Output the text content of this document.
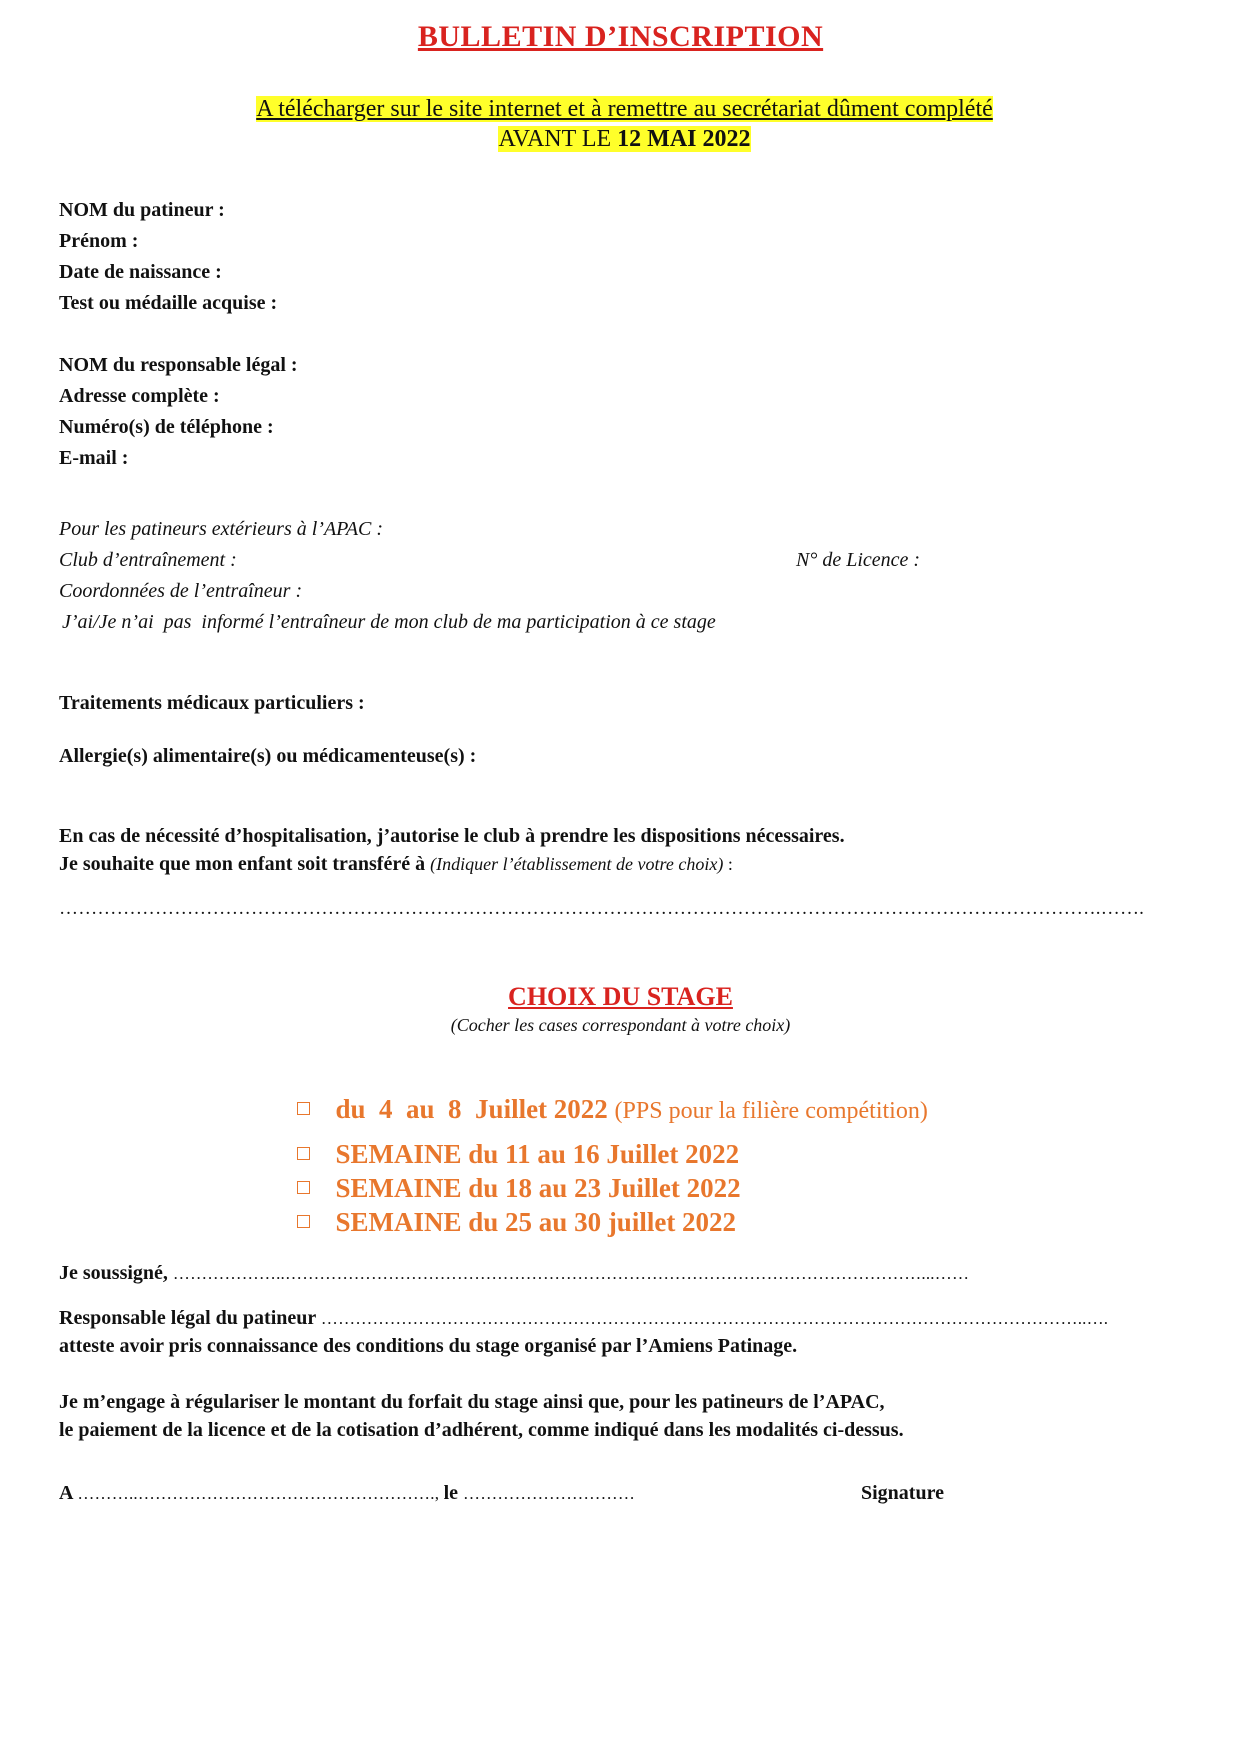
BULLETIN D’INSCRIPTION

A télécharger sur le site internet et à remettre au secrétariat dûment complété

AVANT LE 12 MAI 2022

NOM du patineur :
Prénom :
Date de naissance :
Test ou médaille acquise :
NOM du responsable légal :
Adresse complète :
Numéro(s) de téléphone :
E-mail :
Pour les patineurs extérieurs à l’APAC :
Club d’entraînement :	N° de Licence :
Coordonnées de l’entraîneur :
J’ai/Je n’ai  pas  informé l’entraîneur de mon club de ma participation à ce stage
Traitements médicaux particuliers :
Allergie(s) alimentaire(s) ou médicamenteuse(s) :
En cas de nécessité d’hospitalisation, j’autorise le club à prendre les dispositions nécessaires.
Je souhaite que mon enfant soit transféré à (Indiquer l’établissement de votre choix) :
……………………………………………………………………………………………………………………………………………….…….
CHOIX DU STAGE
(Cocher les cases correspondant à votre choix)

du  4  au  8  Juillet 2022 (PPS pour la filière compétition)

SEMAINE du 11 au 16 Juillet 2022

SEMAINE du 18 au 23 Juillet 2022

SEMAINE du 25 au 30 juillet 2022

Je soussigné, ………………..…………………………………………………………………………………………………...……
Responsable légal du patineur ……………………………………………………………………………………………………………………..….
atteste avoir pris connaissance des conditions du stage organisé par l’Amiens Patinage.
Je m’engage à régulariser le montant du forfait du stage ainsi que, pour les patineurs de l’APAC,
le paiement de la licence et de la cotisation d’adhérent, comme indiqué dans les modalités ci-dessus.
A ………..……………………………………………., le …………………………	Signature
